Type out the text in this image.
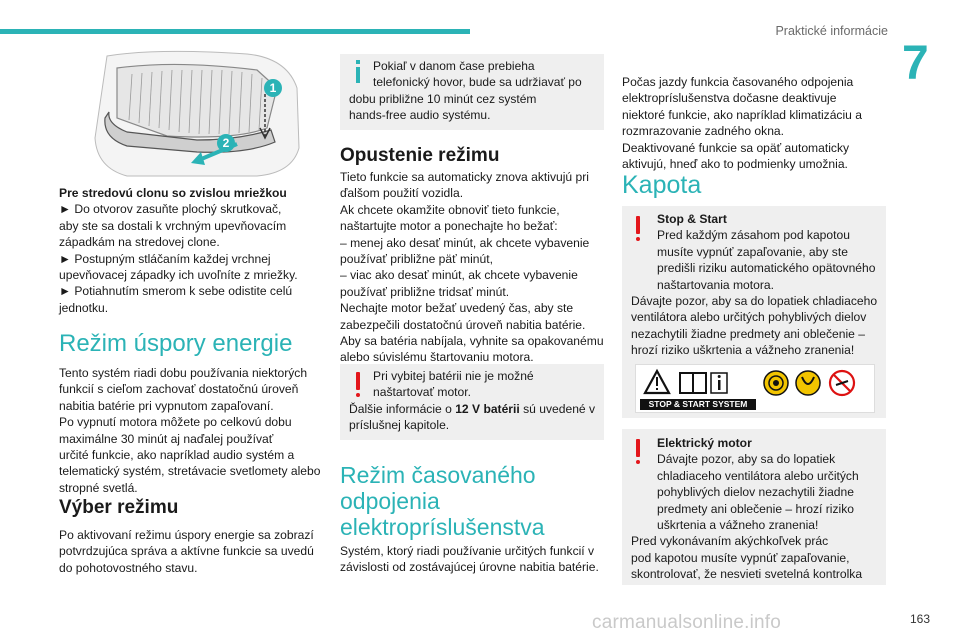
Praktické informácie
7
1
2

Pre stredovú clonu so zvislou mriežkou

► Do otvorov zasuňte plochý skrutkovač,

aby ste sa dostali k vrchným upevňovacím

západkám na stredovej clone.

► Postupným stláčaním každej vrchnej

upevňovacej západky ich uvoľníte z mriežky.

► Potiahnutím smerom k sebe odistite celú

jednotku.

Režim úspory energie

Tento systém riadi dobu používania niektorých

funkcií s cieľom zachovať dostatočnú úroveň

nabitia batérie pri vypnutom zapaľovaní.

Po vypnutí motora môžete po celkovú dobu

maximálne 30 minút aj naďalej používať

určité funkcie, ako napríklad audio systém a

telematický systém, stretávacie svetlomety alebo

stropné svetlá.

Výber režimu

Po aktivovaní režimu úspory energie sa zobrazí

potvrdzujúca správa a aktívne funkcie sa uvedú

do pohotovostného stavu.

Pokiaľ v danom čase prebieha

telefonický hovor, bude sa udržiavať po

dobu približne 10 minút cez systém

hands-free audio systému.

Opustenie režimu

Tieto funkcie sa automaticky znova aktivujú pri

ďalšom použití vozidla.

Ak chcete okamžite obnoviť tieto funkcie,

naštartujte motor a ponechajte ho bežať:

– menej ako desať minút, ak chcete vybavenie

používať približne päť minút,

– viac ako desať minút, ak chcete vybavenie

používať približne tridsať minút.

Nechajte motor bežať uvedený čas, aby ste

zabezpečili dostatočnú úroveň nabitia batérie.

Aby sa batéria nabíjala, vyhnite sa opakovanému

alebo súvislému štartovaniu motora.

Pri vybitej batérii nie je možné

naštartovať motor.

Ďalšie informácie o 12 V batérii sú uvedené v

príslušnej kapitole.

Režim časovaného
odpojenia
elektropríslušenstva

Systém, ktorý riadi používanie určitých funkcií v

závislosti od zostávajúcej úrovne nabitia batérie.

Počas jazdy funkcia časovaného odpojenia

elektropríslušenstva dočasne deaktivuje

niektoré funkcie, ako napríklad klimatizáciu a

rozmrazovanie zadného okna.

Deaktivované funkcie sa opäť automaticky

aktivujú, hneď ako to podmienky umožnia.

Kapota

Stop & Start

Pred každým zásahom pod kapotou

musíte vypnúť zapaľovanie, aby ste

predišli riziku automatického opätovného

naštartovania motora.

Dávajte pozor, aby sa do lopatiek chladiaceho

ventilátora alebo určitých pohyblivých dielov

nezachytili žiadne predmety ani oblečenie –

hrozí riziko uškrtenia a vážneho zranenia!

STOP & START SYSTEM

Elektrický motor

Dávajte pozor, aby sa do lopatiek

chladiaceho ventilátora alebo určitých

pohyblivých dielov nezachytili žiadne

predmety ani oblečenie – hrozí riziko

uškrtenia a vážneho zranenia!

Pred vykonávaním akýchkoľvek prác

pod kapotou musíte vypnúť zapaľovanie,

skontrolovať, že nesvieti svetelná kontrolka

carmanualsonline.info	163
